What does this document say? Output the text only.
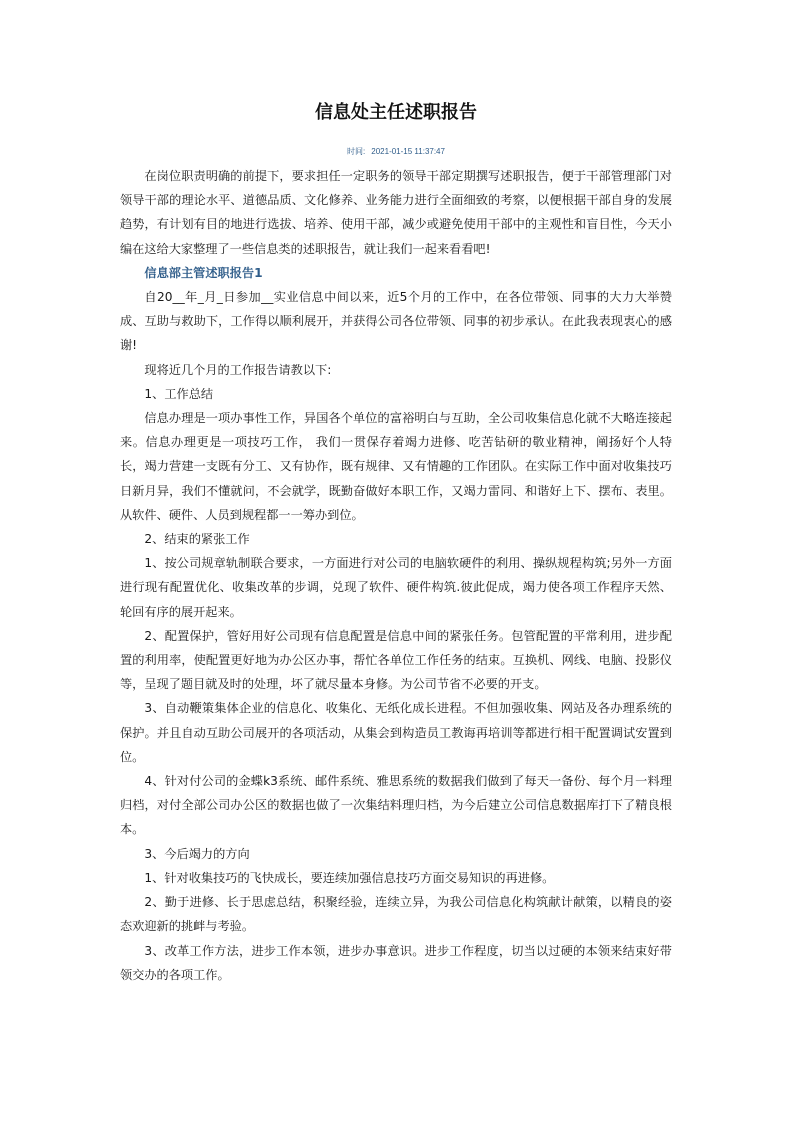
信息处主任述职报告
时间: 2021-01-15 11:37:47

在岗位职责明确的前提下，要求担任一定职务的领导干部定期撰写述职报告，便于干部管理部门对领导干部的理论水平、道德品质、文化修养、业务能力进行全面细致的考察，以便根据干部自身的发展趋势，有计划有目的地进行选拔、培养、使用干部，减少或避免使用干部中的主观性和盲目性，今天小编在这给大家整理了一些信息类的述职报告，就让我们一起来看看吧!

信息部主管述职报告1

自20__年_月_日参加__实业信息中间以来，近5个月的工作中，在各位带领、同事的大力大举赞成、互助与救助下，工作得以顺利展开，并获得公司各位带领、同事的初步承认。在此我表现衷心的感谢!

现将近几个月的工作报告请教以下:

1、工作总结

信息办理是一项办事性工作，异国各个单位的富裕明白与互助，全公司收集信息化就不大略连接起来。信息办理更是一项技巧工作， 我们一贯保存着竭力进修、吃苦钻研的敬业精神，阐扬好个人特长，竭力营建一支既有分工、又有协作，既有规律、又有情趣的工作团队。在实际工作中面对收集技巧日新月异，我们不懂就问，不会就学，既勤奋做好本职工作，又竭力雷同、和谐好上下、摆布、表里。从软件、硬件、人员到规程都一一筹办到位。

2、结束的紧张工作

1、按公司规章轨制联合要求，一方面进行对公司的电脑软硬件的利用、操纵规程构筑;另外一方面进行现有配置优化、收集改革的步调，兑现了软件、硬件构筑.彼此促成，竭力使各项工作程序天然、轮回有序的展开起来。

2、配置保护，管好用好公司现有信息配置是信息中间的紧张任务。包管配置的平常利用，进步配置的利用率，使配置更好地为办公区办事，帮忙各单位工作任务的结束。互换机、网线、电脑、投影仪等，呈现了题目就及时的处理，坏了就尽量本身修。为公司节省不必要的开支。

3、自动鞭策集体企业的信息化、收集化、无纸化成长进程。不但加强收集、网站及各办理系统的保护。并且自动互助公司展开的各项活动，从集会到构造员工教诲再培训等都进行相干配置调试安置到位。

4、针对付公司的金蝶k3系统、邮件系统、雅思系统的数据我们做到了每天一备份、每个月一料理归档，对付全部公司办公区的数据也做了一次集结料理归档，为今后建立公司信息数据库打下了精良根本。

3、今后竭力的方向

1、针对收集技巧的飞快成长，要连续加强信息技巧方面交易知识的再进修。

2、勤于进修、长于思虑总结，积聚经验，连续立异，为我公司信息化构筑献计献策，以精良的姿态欢迎新的挑衅与考验。

3、改革工作方法，进步工作本领，进步办事意识。进步工作程度，切当以过硬的本领来结束好带领交办的各项工作。
